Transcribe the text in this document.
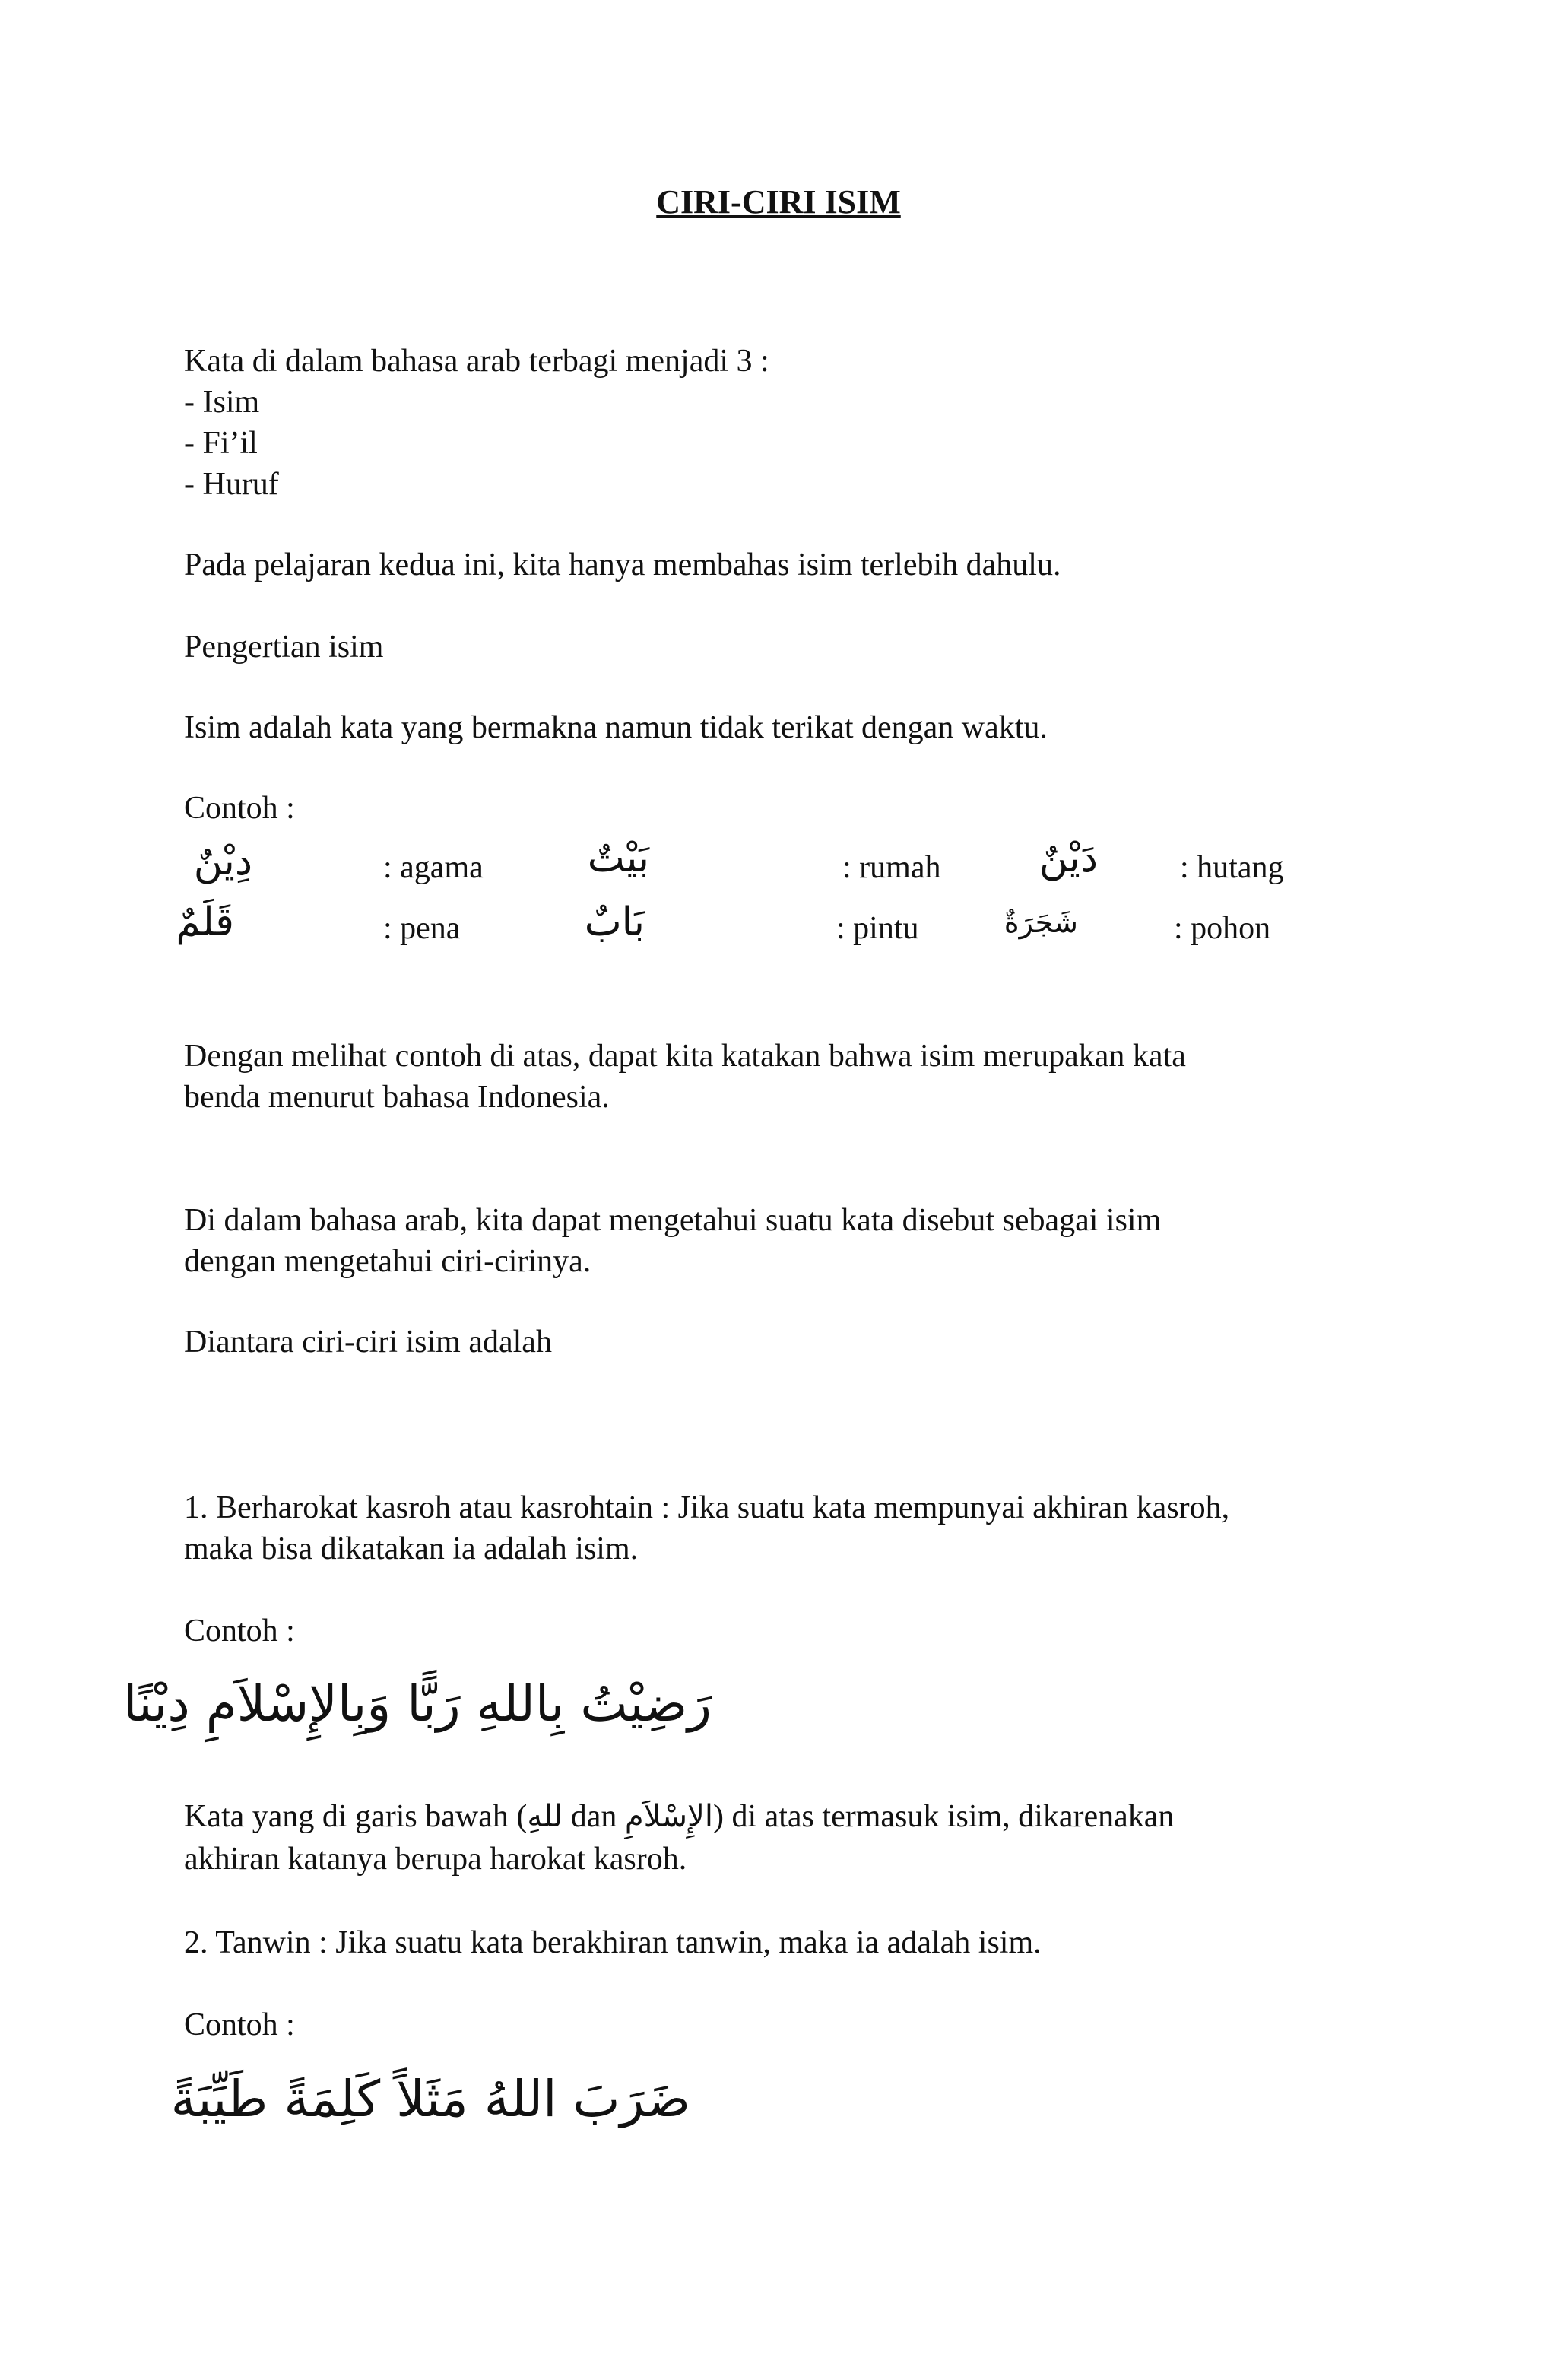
CIRI-CIRI ISIM
Kata di dalam bahasa arab terbagi menjadi 3 :
- Isim
- Fi’il
- Huruf
Pada pelajaran kedua ini, kita hanya membahas isim terlebih dahulu.
Pengertian isim
Isim adalah kata yang bermakna namun tidak terikat dengan waktu.
Contoh :
دِيْنٌ	: agama	بَيْتٌ	: rumah دَيْنٌ	: hutang
قَلَمٌ	: pena	بَابٌ	: pintu	شَجَرَةٌ	: pohon
Dengan melihat contoh di atas, dapat kita katakan bahwa isim merupakan kata
benda menurut bahasa Indonesia.
Di dalam bahasa arab, kita dapat mengetahui suatu kata disebut sebagai isim
dengan mengetahui ciri-cirinya.
Diantara ciri-ciri isim adalah
1. Berharokat kasroh atau kasrohtain : Jika suatu kata mempunyai akhiran kasroh,
maka bisa dikatakan ia adalah isim.
Contoh :
رَضِيْتُ بِاللهِ رَبًّا وَبِالإِسْلاَمِ دِيْنًا
Kata yang di garis bawah (للهِ dan الإِسْلاَمِ) di atas termasuk isim, dikarenakan
akhiran katanya berupa harokat kasroh.
2. Tanwin : Jika suatu kata berakhiran tanwin, maka ia adalah isim.
Contoh :
ضَرَبَ اللهُ مَثَلاً كَلِمَةً طَيِّبَةً
